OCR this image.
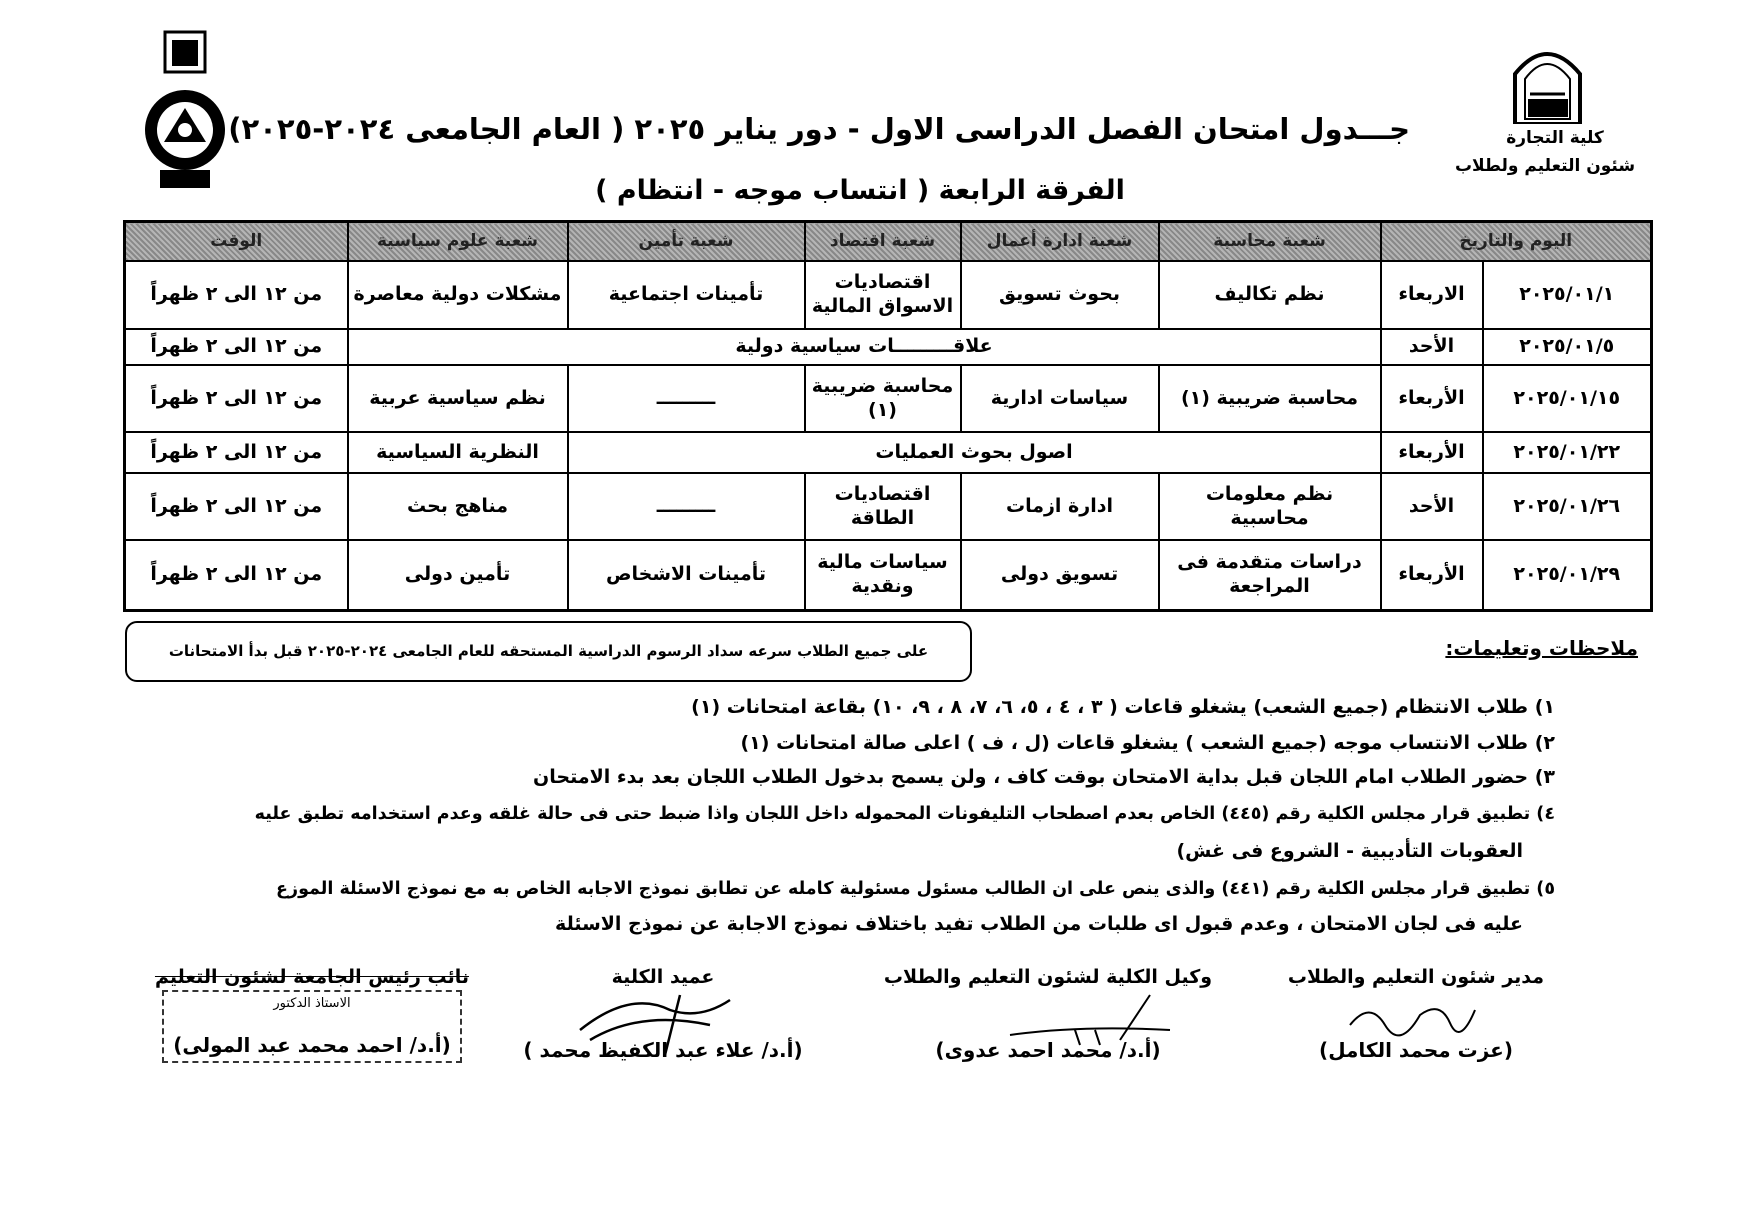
كلية التجارة
شئون التعليم ولطلاب
جـــدول امتحان الفصل الدراسى الاول - دور يناير ٢٠٢٥ ( العام الجامعى ٢٠٢٤-٢٠٢٥)
الفرقة الرابعة ( انتساب موجه - انتظام )
اليوم والتاريخ		شعبة محاسبة	شعبة ادارة أعمال	شعبة اقتصاد	شعبة تأمين	شعبة علوم سياسية	الوقت
٢٠٢٥/٠١/١	الاربعاء	نظم تكاليف	بحوث تسويق	اقتصاديات الاسواق المالية	تأمينات اجتماعية	مشكلات دولية معاصرة	من ١٢ الى ٢ ظهراً
٢٠٢٥/٠١/٥	الأحد	علاقـــــــــات سياسية دولية					من ١٢ الى ٢ ظهراً
٢٠٢٥/٠١/١٥	الأربعاء	محاسبة ضريبية (١)	سياسات ادارية	محاسبة ضريبية (١)	ـــــــــ	نظم سياسية عربية	من ١٢ الى ٢ ظهراً
٢٠٢٥/٠١/٢٢	الأربعاء	اصول بحوث العمليات				النظرية السياسية	من ١٢ الى ٢ ظهراً
٢٠٢٥/٠١/٢٦	الأحد	نظم معلومات محاسبية	ادارة ازمات	اقتصاديات الطاقة	ـــــــــ	مناهج بحث	من ١٢ الى ٢ ظهراً
٢٠٢٥/٠١/٢٩	الأربعاء	دراسات متقدمة فى المراجعة	تسويق دولى	سياسات مالية ونقدية	تأمينات الاشخاص	تأمين دولى	من ١٢ الى ٢ ظهراً
على جميع الطلاب سرعه سداد الرسوم الدراسية المستحقه للعام الجامعى ٢٠٢٤-٢٠٢٥ قبل بدأ الامتحانات	ملاحظات وتعليمات:
١) طلاب الانتظام (جميع الشعب) يشغلو قاعات ( ٣ ، ٤ ، ٥، ٦، ٧، ٨ ، ٩، ١٠) بقاعة امتحانات (١)
٢) طلاب الانتساب موجه (جميع الشعب ) يشغلو قاعات (ل ، ف ) اعلى صالة امتحانات (١)
٣) حضور الطلاب امام اللجان قبل بداية الامتحان بوقت كاف ، ولن يسمح بدخول الطلاب اللجان بعد بدء الامتحان
٤) تطبيق قرار مجلس الكلية رقم (٤٤٥) الخاص بعدم اصطحاب التليفونات المحموله داخل اللجان واذا ضبط حتى فى حالة غلقه وعدم استخدامه تطبق عليه
العقوبات التأديبية - الشروع فى غش)
٥) تطبيق قرار مجلس الكلية رقم (٤٤١) والذى ينص على ان الطالب مسئول مسئولية كامله عن تطابق نموذج الاجابه الخاص به مع نموذج الاسئلة الموزع
عليه فى لجان الامتحان ، وعدم قبول اى طلبات من الطلاب تفيد باختلاف نموذج الاجابة عن نموذج الاسئلة
مدير شئون التعليم والطلاب
(عزت محمد الكامل)
وكيل الكلية لشئون التعليم والطلاب
(أ.د/ محمد احمد عدوى)
عميد الكلية
(أ.د/ علاء عبد الكفيظ محمد )
نائب رئيس الجامعة لشئون التعليم
الاستاذ الدكتور
(أ.د/ احمد محمد عبد المولى)
